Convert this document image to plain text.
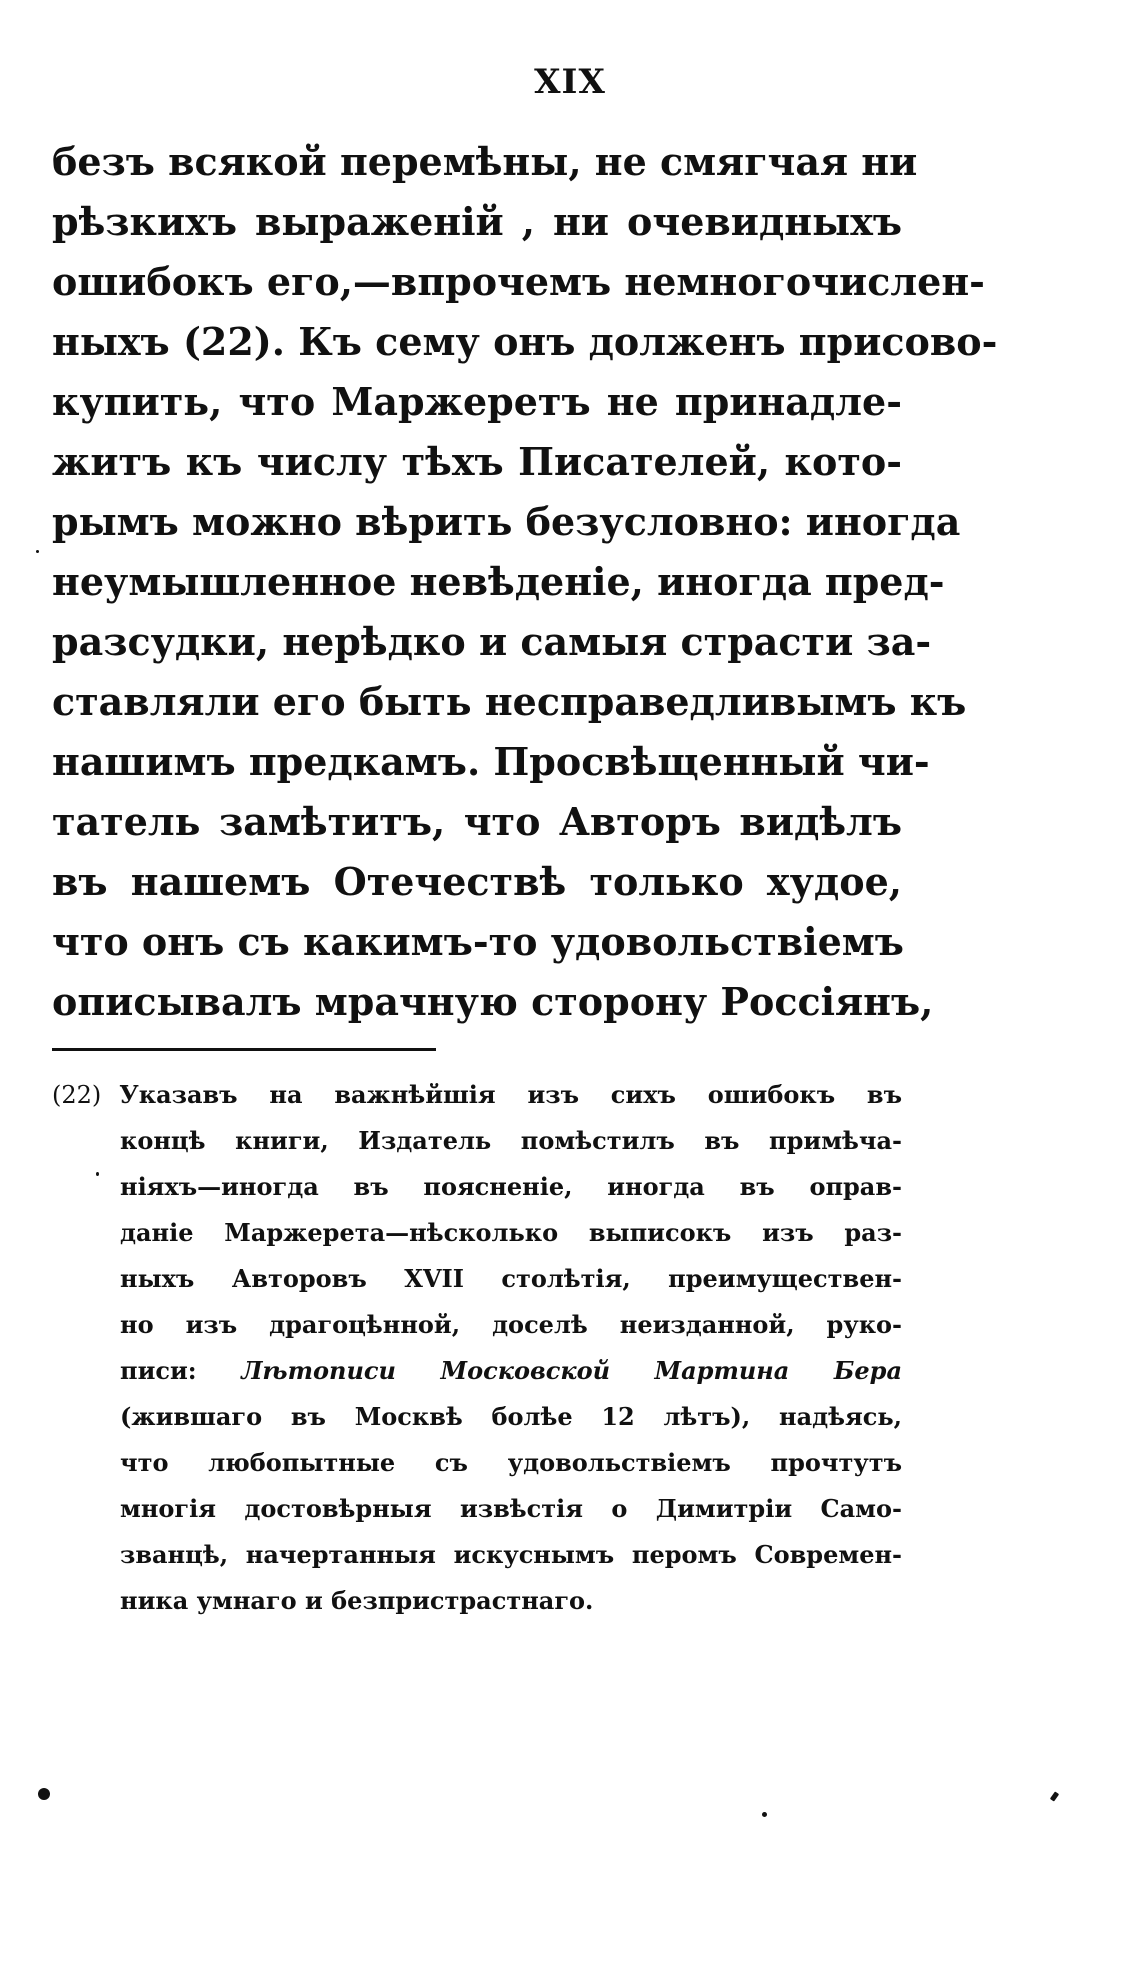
XIX
безъ всякой перемѣны, не смягчая ни
рѣзкихъ выраженій , ни очевидныхъ
ошибокъ его,—впрочемъ немногочислен-
ныхъ (22). Къ сему онъ долженъ присово-
купить, что Маржеретъ не принадле-
житъ къ числу тѣхъ Писателей, кото-
рымъ можно вѣрить безусловно: иногда
неумышленное невѣденіе, иногда пред-
разсудки, нерѣдко и самыя страсти за-
ставляли его быть несправедливымъ къ
нашимъ предкамъ. Просвѣщенный чи-
татель замѣтитъ, что Авторъ видѣлъ
въ нашемъ Отечествѣ только худое,
что онъ съ какимъ-то удовольствіемъ
описывалъ мрачную сторону Россіянъ,
(22) Указавъ на важнѣйшія изъ сихъ ошибокъ въ
концѣ книги, Издатель помѣстилъ въ примѣча-
ніяхъ—иногда въ поясненіе, иногда въ оправ-
даніе Маржерета—нѣсколько выписокъ изъ раз-
ныхъ Авторовъ XVII столѣтія, преимуществен-
но изъ драгоцѣнной, доселѣ неизданной, руко-
писи: Лѣтописи Московской Мартина Бера
(жившаго въ Москвѣ болѣе 12 лѣтъ), надѣясь,
что любопытные съ удовольствіемъ прочтутъ
многія достовѣрныя извѣстія о Димитріи Само-
званцѣ, начертанныя искуснымъ перомъ Современ-
ника умнаго и безпристрастнаго.
